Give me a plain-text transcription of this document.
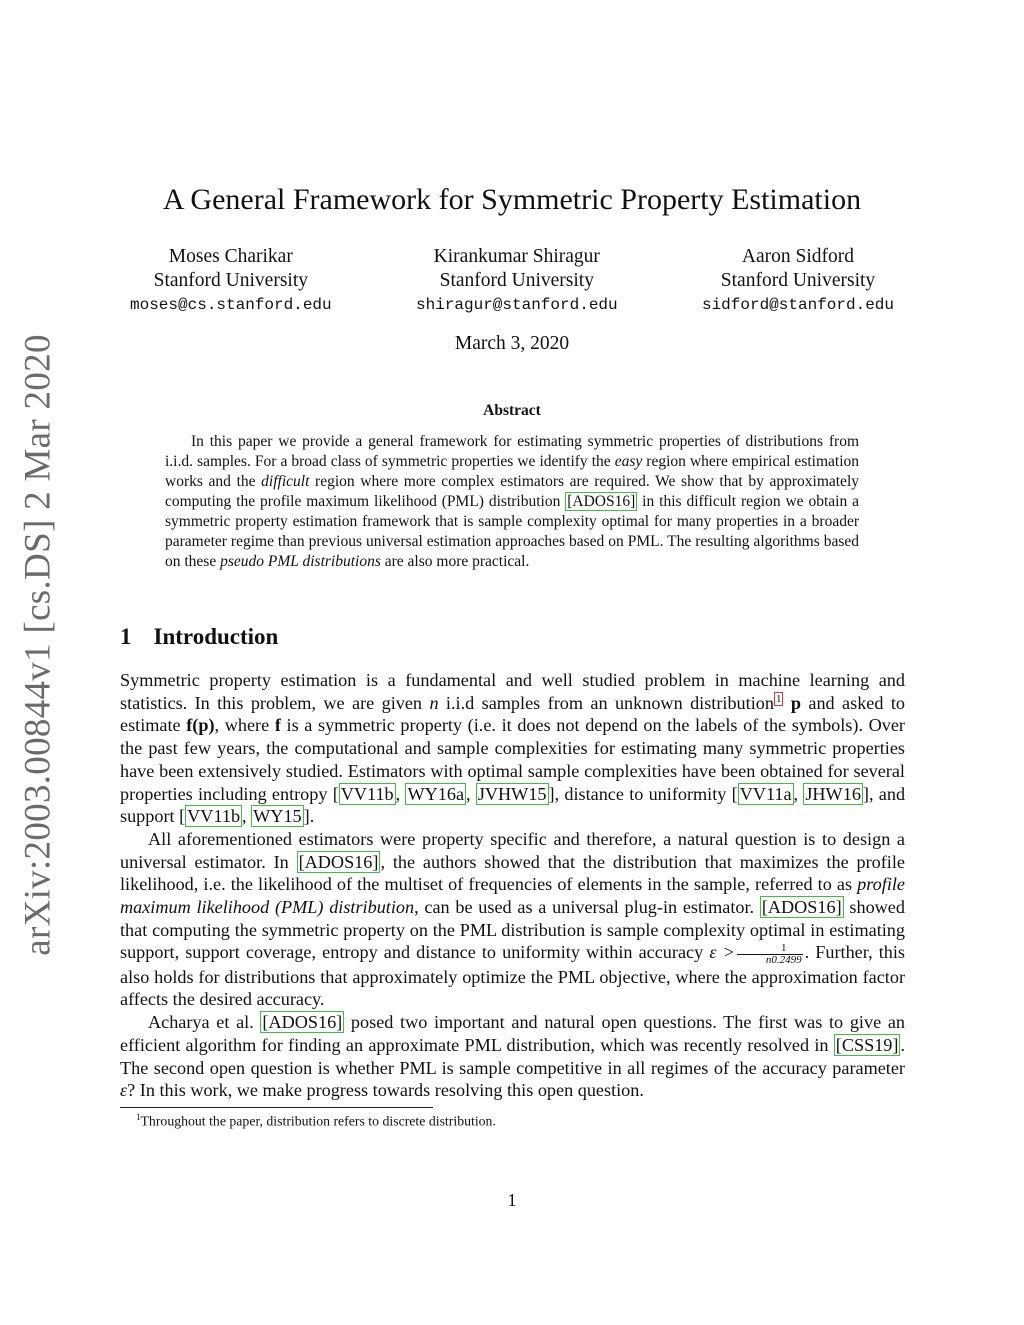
arXiv:2003.00844v1 [cs.DS] 2 Mar 2020
A General Framework for Symmetric Property Estimation
Moses Charikar
Stanford University
moses@cs.stanford.edu
Kirankumar Shiragur
Stanford University
shiragur@stanford.edu
Aaron Sidford
Stanford University
sidford@stanford.edu
March 3, 2020
Abstract

In this paper we provide a general framework for estimating symmetric properties of distributions from i.i.d. samples. For a broad class of symmetric properties we identify the easy region where empirical estimation works and the difficult region where more complex estimators are required. We show that by approximately computing the profile maximum likelihood (PML) distribution [ADOS16] in this difficult region we obtain a symmetric property estimation framework that is sample complexity optimal for many properties in a broader parameter regime than previous universal estimation approaches based on PML. The resulting algorithms based on these pseudo PML distributions are also more practical.

1 Introduction

Symmetric property estimation is a fundamental and well studied problem in machine learning and statistics. In this problem, we are given n i.i.d samples from an unknown distribution $^1$ p and asked to estimate f(p), where f is a symmetric property (i.e. it does not depend on the labels of the symbols). Over the past few years, the computational and sample complexities for estimating many symmetric properties have been extensively studied. Estimators with optimal sample complexities have been obtained for several properties including entropy [ VV11b , WY16a , JVHW15 ], distance to uniformity [ VV11a , JHW16 ], and support [ VV11b , WY15 ].

All aforementioned estimators were property specific and therefore, a natural question is to design a universal estimator. In [ADOS16] , the authors showed that the distribution that maximizes the profile likelihood, i.e. the likelihood of the multiset of frequencies of elements in the sample, referred to as profile maximum likelihood (PML) distribution, can be used as a universal plug-in estimator. [ADOS16] showed that computing the symmetric property on the PML distribution is sample complexity optimal in estimating support, support coverage, entropy and distance to uniformity within accuracy $\varepsilon > \frac{1}{n0.2499}$ . Further, this also holds for distributions that approximately optimize the PML objective, where the approximation factor affects the desired accuracy.

Acharya et al. [ADOS16] posed two important and natural open questions. The first was to give an efficient algorithm for finding an approximate PML distribution, which was recently resolved in [CSS19] . The second open question is whether PML is sample competitive in all regimes of the accuracy parameter ε? In this work, we make progress towards resolving this open question.

$^1$Throughout the paper, distribution refers to discrete distribution.
1
